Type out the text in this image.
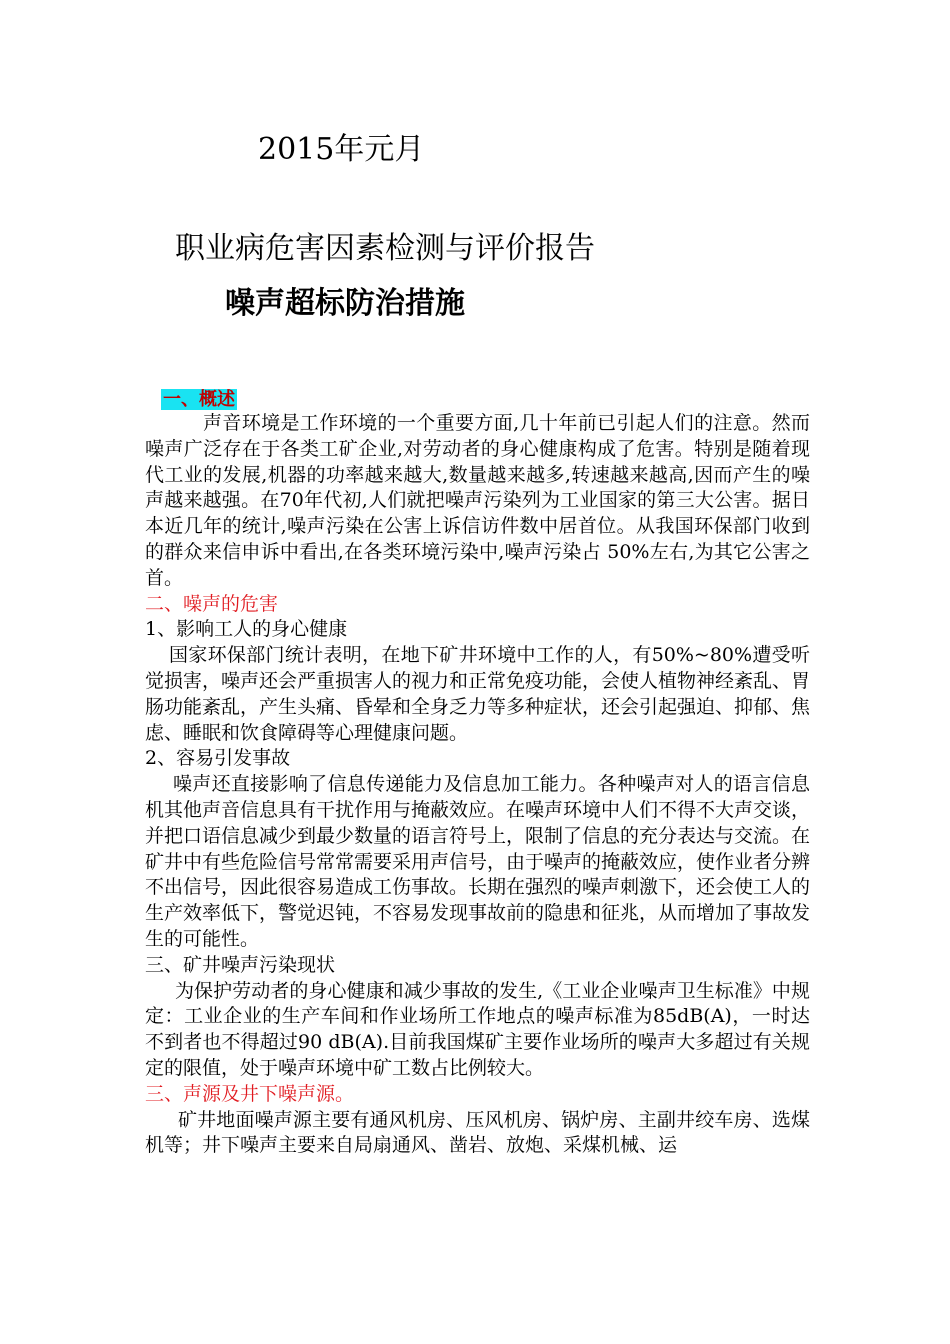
2015年元月
职业病危害因素检测与评价报告
噪声超标防治措施

一、概述

声音环境是工作环境的一个重要方面,几十年前已引起人们的注意。然而噪声广泛存在于各类工矿企业,对劳动者的身心健康构成了危害。特别是随着现代工业的发展,机器的功率越来越大,数量越来越多,转速越来越高,因而产生的噪声越来越强。在70年代初,人们就把噪声污染列为工业国家的第三大公害。据日本近几年的统计,噪声污染在公害上诉信访件数中居首位。从我国环保部门收到的群众来信申诉中看出,在各类环境污染中,噪声污染占 50%左右,为其它公害之首。

二、噪声的危害

1、影响工人的身心健康

国家环保部门统计表明，在地下矿井环境中工作的人，有50%~80%遭受听觉损害，噪声还会严重损害人的视力和正常免疫功能，会使人植物神经紊乱、胃肠功能紊乱，产生头痛、昏晕和全身乏力等多种症状，还会引起强迫、抑郁、焦虑、睡眠和饮食障碍等心理健康问题。

2、容易引发事故

噪声还直接影响了信息传递能力及信息加工能力。各种噪声对人的语言信息机其他声音信息具有干扰作用与掩蔽效应。在噪声环境中人们不得不大声交谈，并把口语信息减少到最少数量的语言符号上，限制了信息的充分表达与交流。在矿井中有些危险信号常常需要采用声信号，由于噪声的掩蔽效应，使作业者分辨不出信号，因此很容易造成工伤事故。长期在强烈的噪声刺激下，还会使工人的生产效率低下，警觉迟钝，不容易发现事故前的隐患和征兆，从而增加了事故发生的可能性。

三、矿井噪声污染现状

为保护劳动者的身心健康和减少事故的发生,《工业企业噪声卫生标准》中规定：工业企业的生产车间和作业场所工作地点的噪声标准为85dB(A)，一时达不到者也不得超过90 dB(A).目前我国煤矿主要作业场所的噪声大多超过有关规定的限值，处于噪声环境中矿工数占比例较大。

三、声源及井下噪声源。

矿井地面噪声源主要有通风机房、压风机房、锅炉房、主副井绞车房、选煤机等；井下噪声主要来自局扇通风、凿岩、放炮、采煤机械、运
